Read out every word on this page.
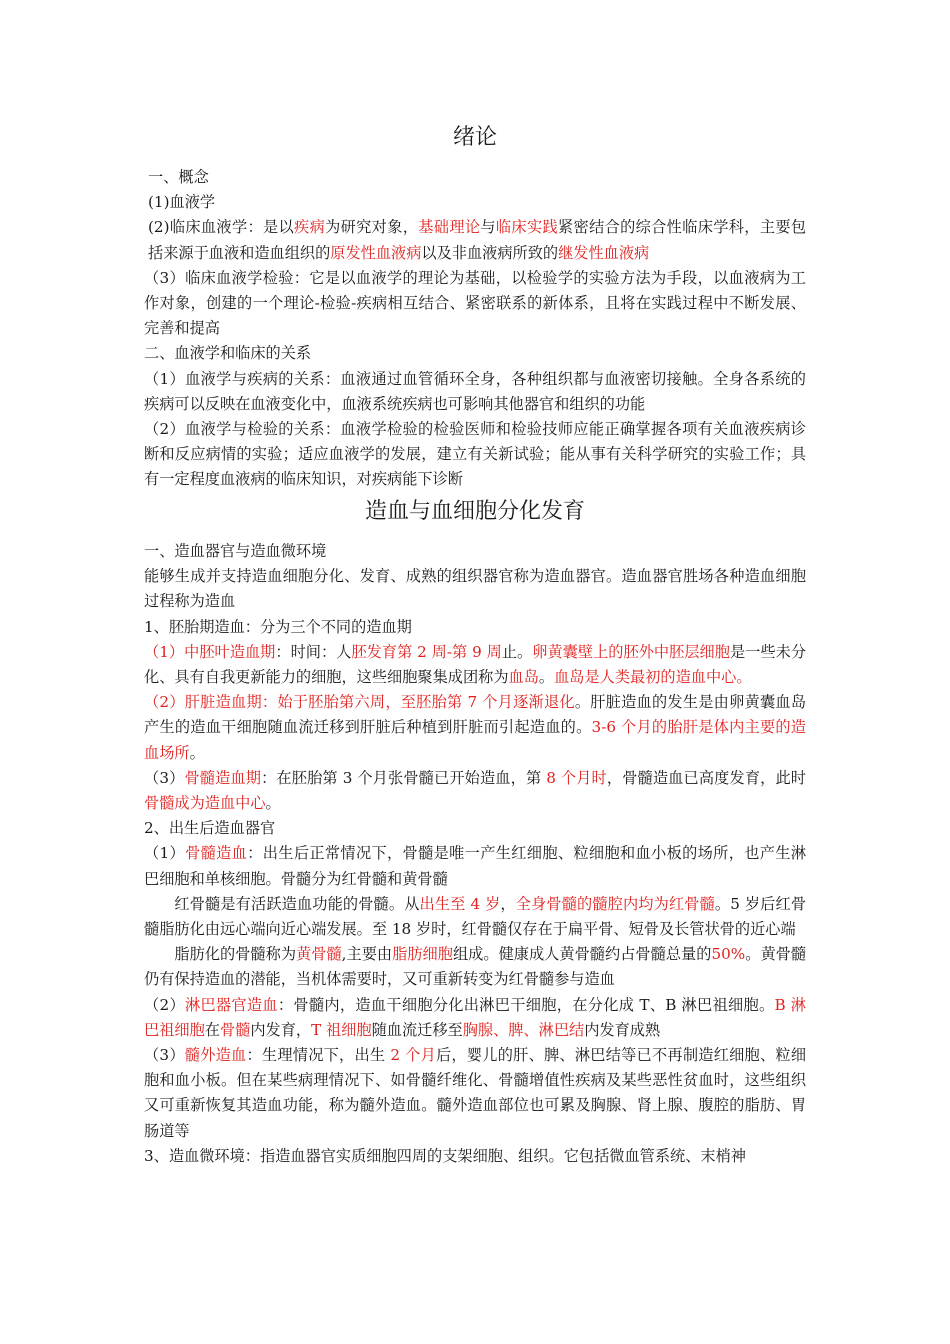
绪论

一、概念

(1)血液学

(2)临床血液学：是以疾病为研究对象，基础理论与临床实践紧密结合的综合性临床学科，主要包括来源于血液和造血组织的原发性血液病以及非血液病所致的继发性血液病

（3）临床血液学检验：它是以血液学的理论为基础，以检验学的实验方法为手段，以血液病为工作对象，创建的一个理论-检验-疾病相互结合、紧密联系的新体系，且将在实践过程中不断发展、完善和提高

二、血液学和临床的关系

（1）血液学与疾病的关系：血液通过血管循环全身，各种组织都与血液密切接触。全身各系统的疾病可以反映在血液变化中，血液系统疾病也可影响其他器官和组织的功能

（2）血液学与检验的关系：血液学检验的检验医师和检验技师应能正确掌握各项有关血液疾病诊断和反应病情的实验；适应血液学的发展，建立有关新试验；能从事有关科学研究的实验工作；具有一定程度血液病的临床知识，对疾病能下诊断

造血与血细胞分化发育

一、造血器官与造血微环境

能够生成并支持造血细胞分化、发育、成熟的组织器官称为造血器官。造血器官胜场各种造血细胞过程称为造血

1、胚胎期造血：分为三个不同的造血期

（1）中胚叶造血期：时间：人胚发育第 2 周-第 9 周止。卵黄囊壁上的胚外中胚层细胞是一些未分化、具有自我更新能力的细胞，这些细胞聚集成团称为血岛。血岛是人类最初的造血中心。

（2）肝脏造血期：始于胚胎第六周，至胚胎第 7 个月逐渐退化。肝脏造血的发生是由卵黄囊血岛产生的造血干细胞随血流迁移到肝脏后种植到肝脏而引起造血的。3-6 个月的胎肝是体内主要的造血场所。

（3）骨髓造血期：在胚胎第 3 个月张骨髓已开始造血，第 8 个月时，骨髓造血已高度发育，此时骨髓成为造血中心。

2、出生后造血器官

（1）骨髓造血：出生后正常情况下，骨髓是唯一产生红细胞、粒细胞和血小板的场所，也产生淋巴细胞和单核细胞。骨髓分为红骨髓和黄骨髓

红骨髓是有活跃造血功能的骨髓。从出生至 4 岁，全身骨髓的髓腔内均为红骨髓。5 岁后红骨髓脂肪化由远心端向近心端发展。至 18 岁时，红骨髓仅存在于扁平骨、短骨及长管状骨的近心端

脂肪化的骨髓称为黄骨髓,主要由脂肪细胞组成。健康成人黄骨髓约占骨髓总量的50%。黄骨髓仍有保持造血的潜能，当机体需要时，又可重新转变为红骨髓参与造血

（2）淋巴器官造血：骨髓内，造血干细胞分化出淋巴干细胞，在分化成 T、B 淋巴祖细胞。B 淋巴祖细胞在骨髓内发育，T 祖细胞随血流迁移至胸腺、脾、淋巴结内发育成熟

（3）髓外造血：生理情况下，出生 2 个月后，婴儿的肝、脾、淋巴结等已不再制造红细胞、粒细胞和血小板。但在某些病理情况下、如骨髓纤维化、骨髓增值性疾病及某些恶性贫血时，这些组织又可重新恢复其造血功能，称为髓外造血。髓外造血部位也可累及胸腺、肾上腺、腹腔的脂肪、胃肠道等

3、造血微环境：指造血器官实质细胞四周的支架细胞、组织。它包括微血管系统、末梢神
